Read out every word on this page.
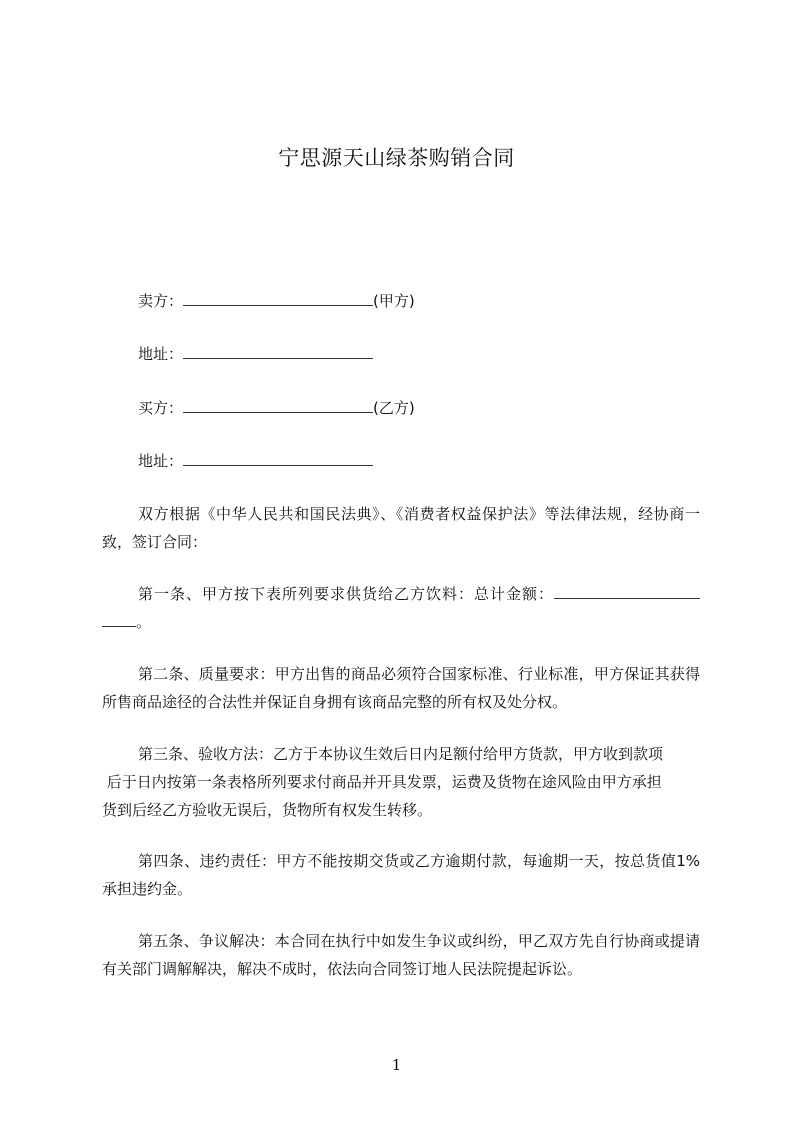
宁思源天山绿茶购销合同
卖方：	(甲方)
地址：
买方：	(乙方)
地址：
双方根据《中华人民共和国民法典》、《消费者权益保护法》等法律法规，经协商一致，签订合同：
第一条、甲方按下表所列要求供货给乙方饮料：总计金额：。
第二条、质量要求：甲方出售的商品必须符合国家标准、行业标准，甲方保证其获得所售商品途径的合法性并保证自身拥有该商品完整的所有权及处分权。
第三条、验收方法：乙方于本协议生效后日内足额付给甲方货款，甲方收到款项
后于日内按第一条表格所列要求付商品并开具发票，运费及货物在途风险由甲方承担
货到后经乙方验收无误后，货物所有权发生转移。
第四条、违约责任：甲方不能按期交货或乙方逾期付款，每逾期一天，按总货值1%承担违约金。
第五条、争议解决：本合同在执行中如发生争议或纠纷，甲乙双方先自行协商或提请有关部门调解解决，解决不成时，依法向合同签订地人民法院提起诉讼。
1
